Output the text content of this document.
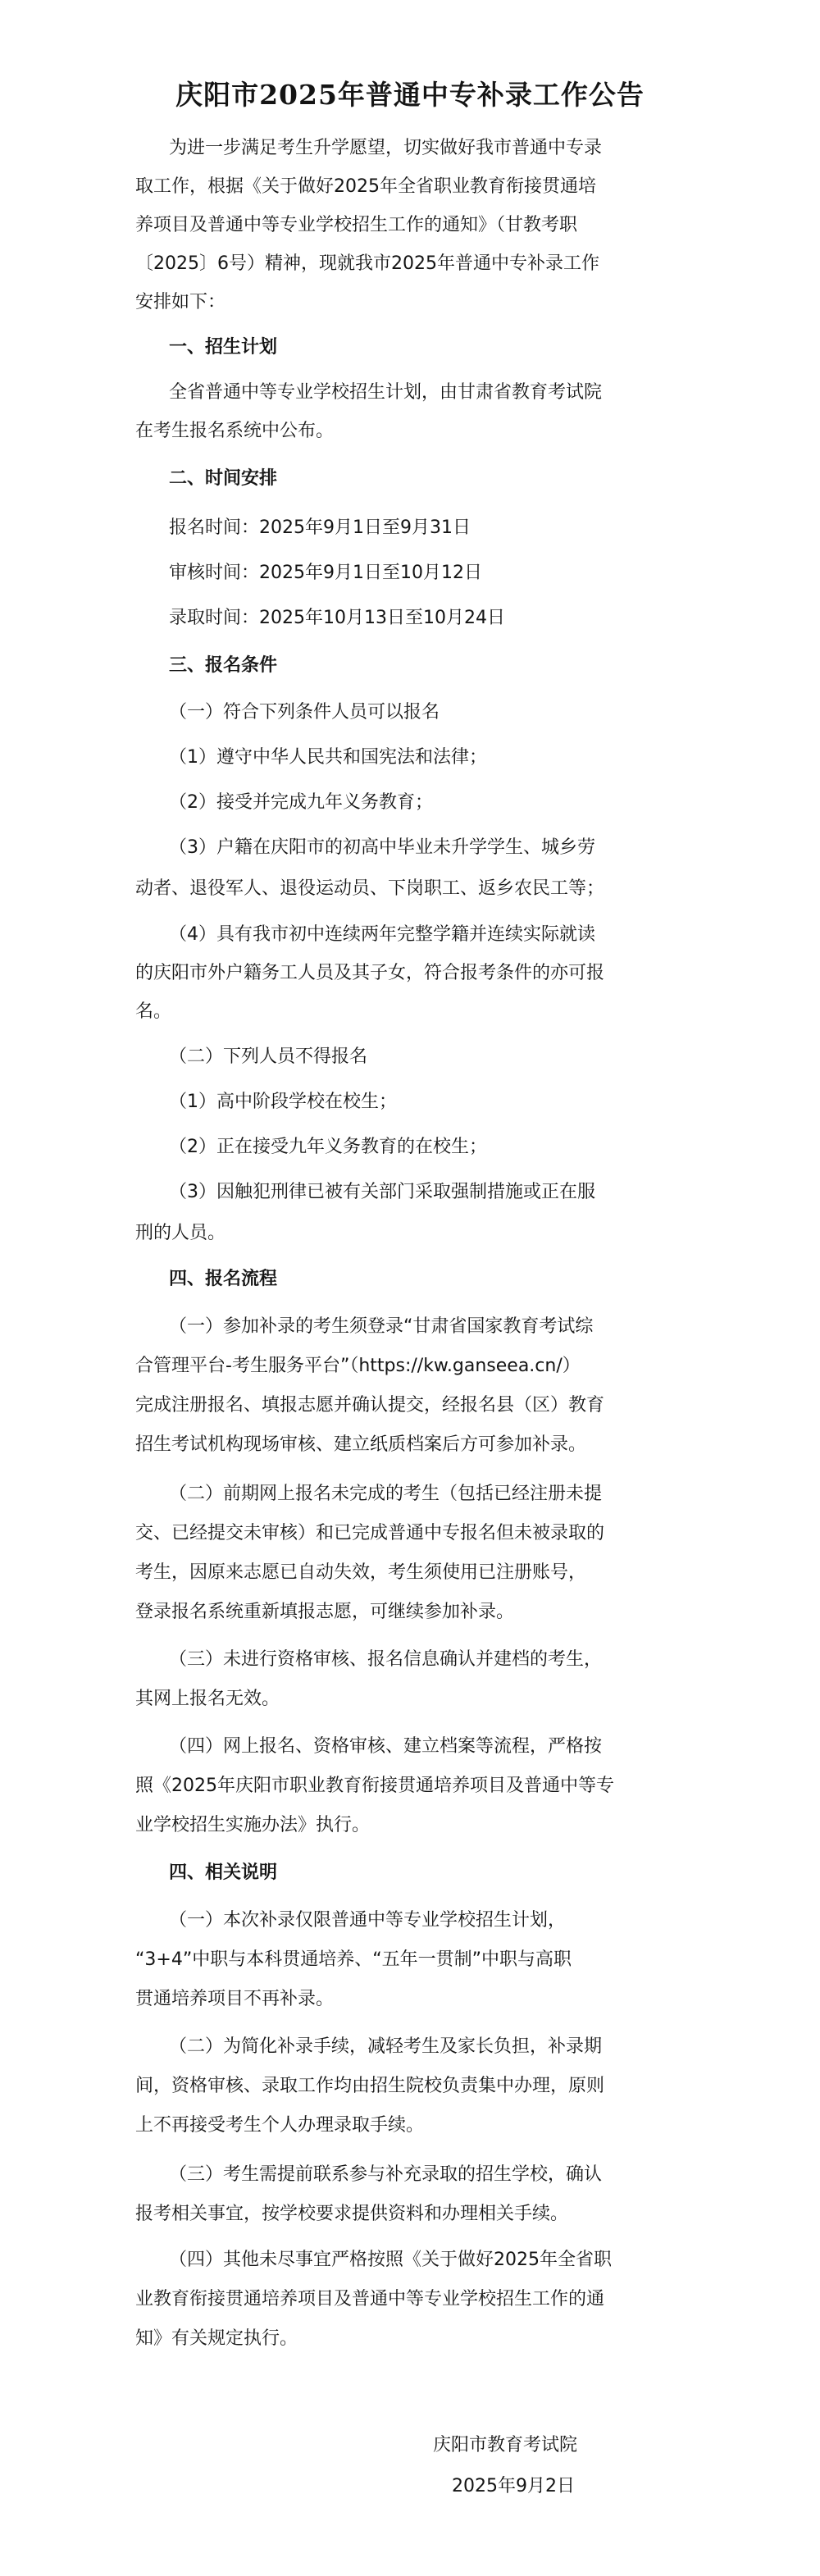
庆阳市2025年普通中专补录工作公告

为进一步满足考生升学愿望，切实做好我市普通中专录

取工作，根据《关于做好2025年全省职业教育衔接贯通培

养项目及普通中等专业学校招生工作的通知》（甘教考职

〔2025〕6号）精神，现就我市2025年普通中专补录工作

安排如下：

一、招生计划

全省普通中等专业学校招生计划，由甘肃省教育考试院

在考生报名系统中公布。

二、时间安排

报名时间：2025年9月1日至9月31日

审核时间：2025年9月1日至10月12日

录取时间：2025年10月13日至10月24日

三、报名条件

（一）符合下列条件人员可以报名

（1）遵守中华人民共和国宪法和法律；

（2）接受并完成九年义务教育；

（3）户籍在庆阳市的初高中毕业未升学学生、城乡劳

动者、退役军人、退役运动员、下岗职工、返乡农民工等；

（4）具有我市初中连续两年完整学籍并连续实际就读

的庆阳市外户籍务工人员及其子女，符合报考条件的亦可报

名。

（二）下列人员不得报名

（1）高中阶段学校在校生；

（2）正在接受九年义务教育的在校生；

（3）因触犯刑律已被有关部门采取强制措施或正在服

刑的人员。

四、报名流程

（一）参加补录的考生须登录“甘肃省国家教育考试综

合管理平台-考生服务平台”（https://kw.ganseea.cn/）

完成注册报名、填报志愿并确认提交，经报名县（区）教育

招生考试机构现场审核、建立纸质档案后方可参加补录。

（二）前期网上报名未完成的考生（包括已经注册未提

交、已经提交未审核）和已完成普通中专报名但未被录取的

考生，因原来志愿已自动失效，考生须使用已注册账号，

登录报名系统重新填报志愿，可继续参加补录。

（三）未进行资格审核、报名信息确认并建档的考生，

其网上报名无效。

（四）网上报名、资格审核、建立档案等流程，严格按

照《2025年庆阳市职业教育衔接贯通培养项目及普通中等专

业学校招生实施办法》执行。

四、相关说明

（一）本次补录仅限普通中等专业学校招生计划，

“3+4”中职与本科贯通培养、“五年一贯制”中职与高职

贯通培养项目不再补录。

（二）为简化补录手续，减轻考生及家长负担，补录期

间，资格审核、录取工作均由招生院校负责集中办理，原则

上不再接受考生个人办理录取手续。

（三）考生需提前联系参与补充录取的招生学校，确认

报考相关事宜，按学校要求提供资料和办理相关手续。

（四）其他未尽事宜严格按照《关于做好2025年全省职

业教育衔接贯通培养项目及普通中等专业学校招生工作的通

知》有关规定执行。

庆阳市教育考试院

2025年9月2日
